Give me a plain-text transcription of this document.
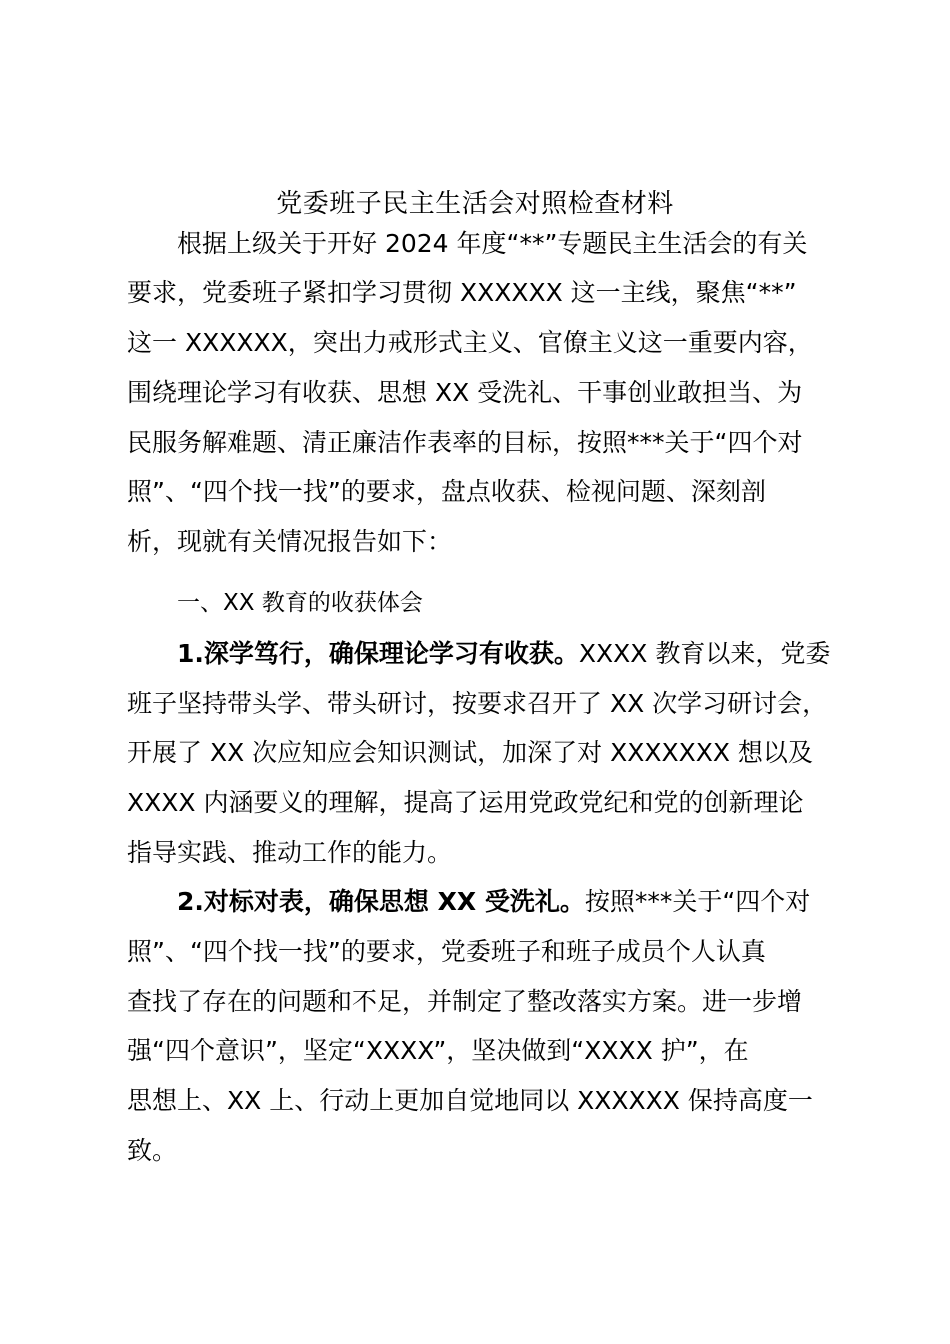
党委班子民主生活会对照检查材料
根据上级关于开好 2024 年度“**”专题民主生活会的有关
要求，党委班子紧扣学习贯彻 XXXXXX 这一主线，聚焦“**”
这一 XXXXXX，突出力戒形式主义、官僚主义这一重要内容，
围绕理论学习有收获、思想 XX 受洗礼、干事创业敢担当、为
民服务解难题、清正廉洁作表率的目标，按照***关于“四个对
照”、“四个找一找”的要求，盘点收获、检视问题、深刻剖
析，现就有关情况报告如下：
一、XX 教育的收获体会
1.深学笃行，确保理论学习有收获。XXXX 教育以来，党委
班子坚持带头学、带头研讨，按要求召开了 XX 次学习研讨会，
开展了 XX 次应知应会知识测试，加深了对 XXXXXXX 想以及
XXXX 内涵要义的理解，提高了运用党政党纪和党的创新理论
指导实践、推动工作的能力。
2.对标对表，确保思想 XX 受洗礼。按照***关于“四个对
照”、“四个找一找”的要求，党委班子和班子成员个人认真
查找了存在的问题和不足，并制定了整改落实方案。进一步增
强“四个意识”，坚定“XXXX”，坚决做到“XXXX 护”，在
思想上、XX 上、行动上更加自觉地同以 XXXXXX 保持高度一
致。
